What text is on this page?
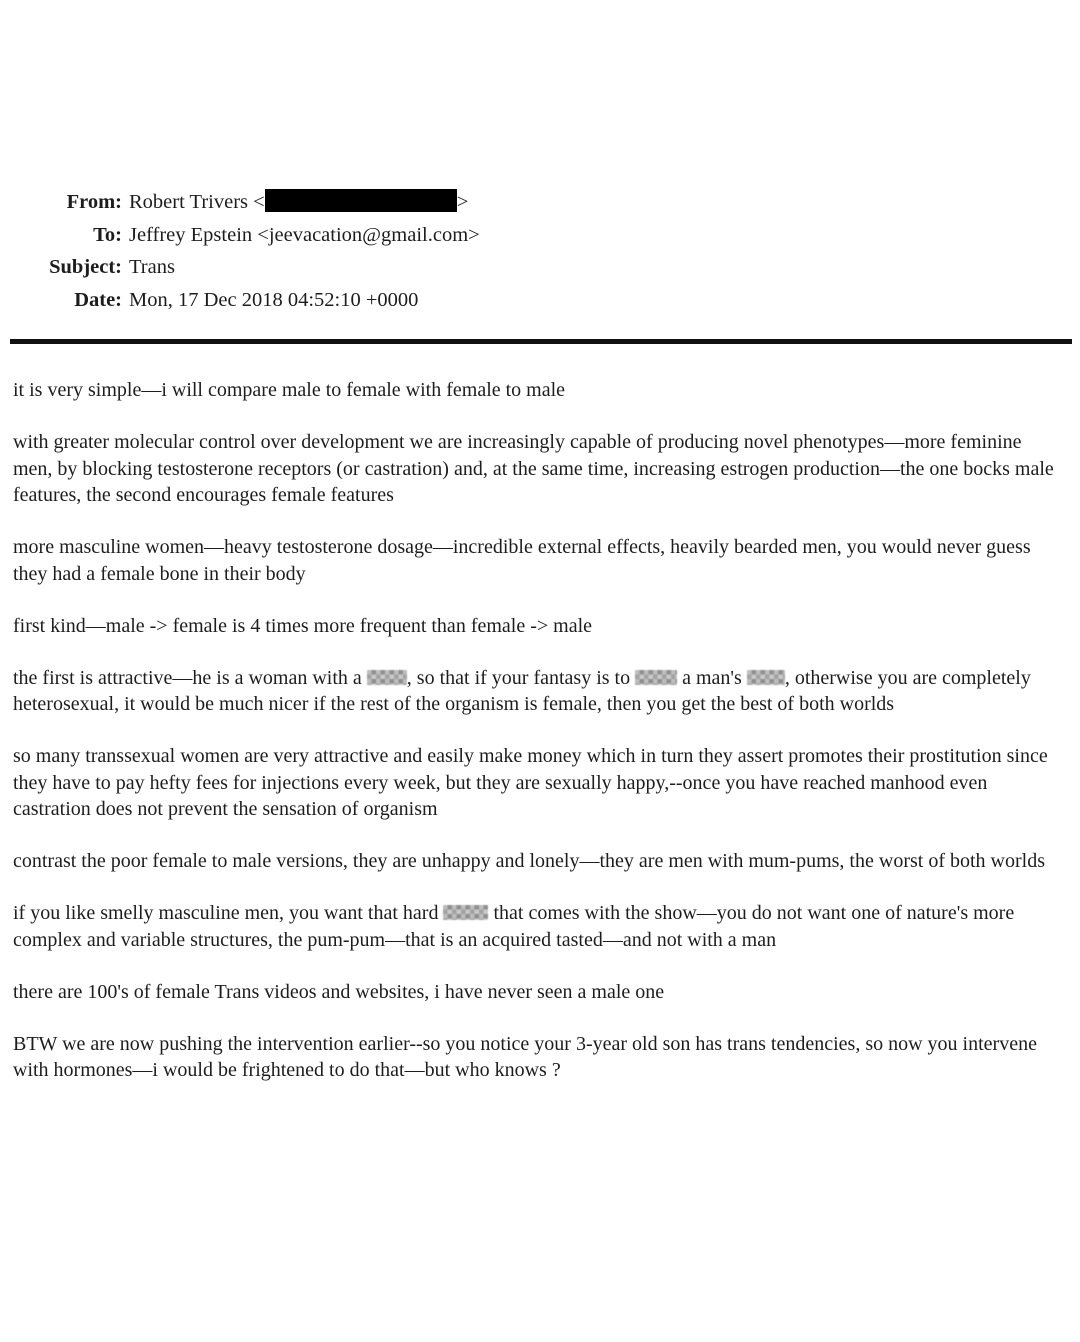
From: Robert Trivers <	>
To: Jeffrey Epstein <jeevacation@gmail.com>
Subject: Trans
Date: Mon, 17 Dec 2018 04:52:10 +0000

it is very simple—i will compare male to female with female to male

with greater molecular control over development we are increasingly capable of producing novel phenotypes—more feminine men, by blocking testosterone receptors (or castration) and, at the same time, increasing estrogen production—the one bocks male features, the second encourages female features

more masculine women—heavy testosterone dosage—incredible external effects, heavily bearded men, you would never guess they had a female bone in their body

first kind—male -> female is 4 times more frequent than female -> male

the first is attractive—he is a woman with a , so that if your fantasy is to  a man's , otherwise you are completely heterosexual, it would be much nicer if the rest of the organism is female, then you get the best of both worlds

so many transsexual women are very attractive and easily make money which in turn they assert promotes their prostitution since they have to pay hefty fees for injections every week, but they are sexually happy,--once you have reached manhood even castration does not prevent the sensation of organism

contrast the poor female to male versions, they are unhappy and lonely—they are men with mum-pums, the worst of both worlds

if you like smelly masculine men, you want that hard  that comes with the show—you do not want one of nature's more complex and variable structures, the pum-pum—that is an acquired tasted—and not with a man

there are 100's of female Trans videos and websites, i have never seen a male one

BTW we are now pushing the intervention earlier--so you notice your 3-year old son has trans tendencies, so now you intervene with hormones—i would be frightened to do that—but who knows ?
